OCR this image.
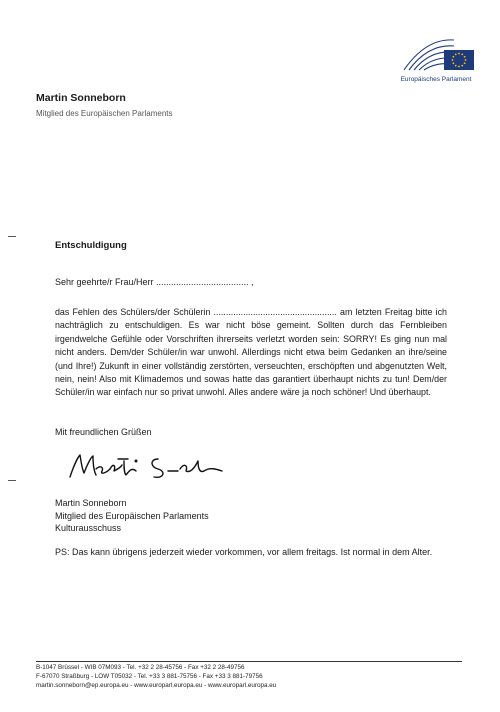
Europäisches Parlament
Martin Sonneborn
Mitglied des Europäischen Parlaments
Entschuldigung
Sehr geehrte/r Frau/Herr ..................................... ,
das Fehlen des Schülers/der Schülerin .................................................. am letzten Freitag bitte ich nachträglich zu entschuldigen. Es war nicht böse gemeint. Sollten durch das Fernbleiben irgendwelche Gefühle oder Vorschriften ihrerseits verletzt worden sein: SORRY! Es ging nun mal nicht anders. Dem/der Schüler/in war unwohl. Allerdings nicht etwa beim Gedanken an ihre/seine (und Ihre!) Zukunft in einer vollständig zerstörten, verseuchten, erschöpften und abgenutzten Welt, nein, nein! Also mit Klimademos und sowas hatte das garantiert überhaupt nichts zu tun! Dem/der Schüler/in war einfach nur so privat unwohl. Alles andere wäre ja noch schöner! Und überhaupt.
Mit freundlichen Grüßen
Martin Sonneborn
Mitglied des Europäischen Parlaments
Kulturausschuss
PS: Das kann übrigens jederzeit wieder vorkommen, vor allem freitags. Ist normal in dem Alter.
B-1047 Brüssel - WIB 07M093 - Tel. +32 2 28-45756 - Fax +32 2 28-49756
F-67070 Straßburg - LOW T05032 - Tel. +33 3 881-75756 - Fax +33 3 881-79756
martin.sonneborn@ep.europa.eu - www.europarl.europa.eu - www.europarl.europa.eu
